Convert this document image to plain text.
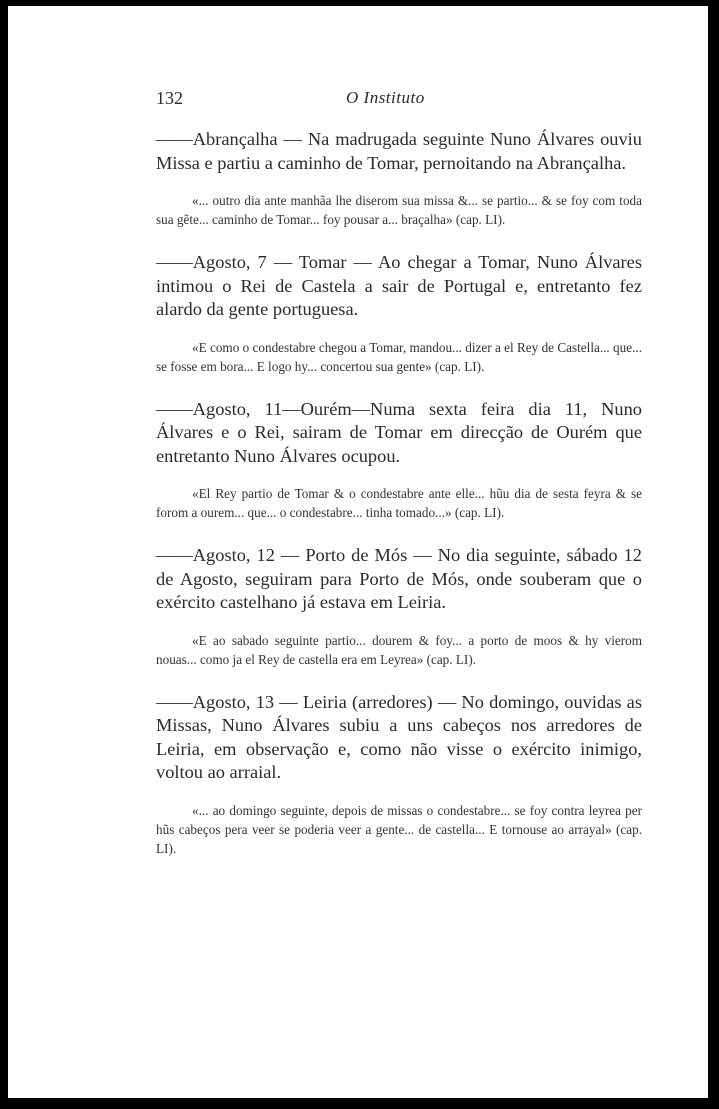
132	O Instituto

——Abrançalha — Na madrugada seguinte Nuno Álvares ouviu Missa e partiu a caminho de Tomar, pernoitando na Abrançalha.

«... outro dia ante manhãa lhe diserom sua missa &... se partio... & se foy com toda sua gẽte... caminho de Tomar... foy pousar a... braçalha» (cap. LI).

——Agosto, 7 — Tomar — Ao chegar a Tomar, Nuno Álvares intimou o Rei de Castela a sair de Portugal e, entretanto fez alardo da gente portuguesa.

«E como o condestabre chegou a Tomar, mandou... dizer a el Rey de Castella... que... se fosse em bora... E logo hy... concertou sua gente» (cap. LI).

——Agosto, 11—Ourém—Numa sexta feira dia 11, Nuno Álvares e o Rei, sairam de Tomar em direcção de Ourém que entretanto Nuno Álvares ocupou.

«El Rey partio de Tomar & o condestabre ante elle... hũu dia de sesta feyra & se forom a ourem... que... o condestabre... tinha tomado...» (cap. LI).

——Agosto, 12 — Porto de Mós — No dia seguinte, sábado 12 de Agosto, seguiram para Porto de Mós, onde souberam que o exército castelhano já estava em Leiria.

«E ao sabado seguinte partio... dourem & foy... a porto de moos & hy vierom nouas... como ja el Rey de castella era em Leyrea» (cap. LI).

——Agosto, 13 — Leiria (arredores) — No domingo, ouvidas as Missas, Nuno Álvares subiu a uns cabeços nos arredores de Leiria, em observação e, como não visse o exército inimigo, voltou ao arraial.

«... ao domingo seguinte, depois de missas o condestabre... se foy contra leyrea per hũs cabeços pera veer se poderia veer a gente... de castella... E tornouse ao arrayal» (cap. LI).
